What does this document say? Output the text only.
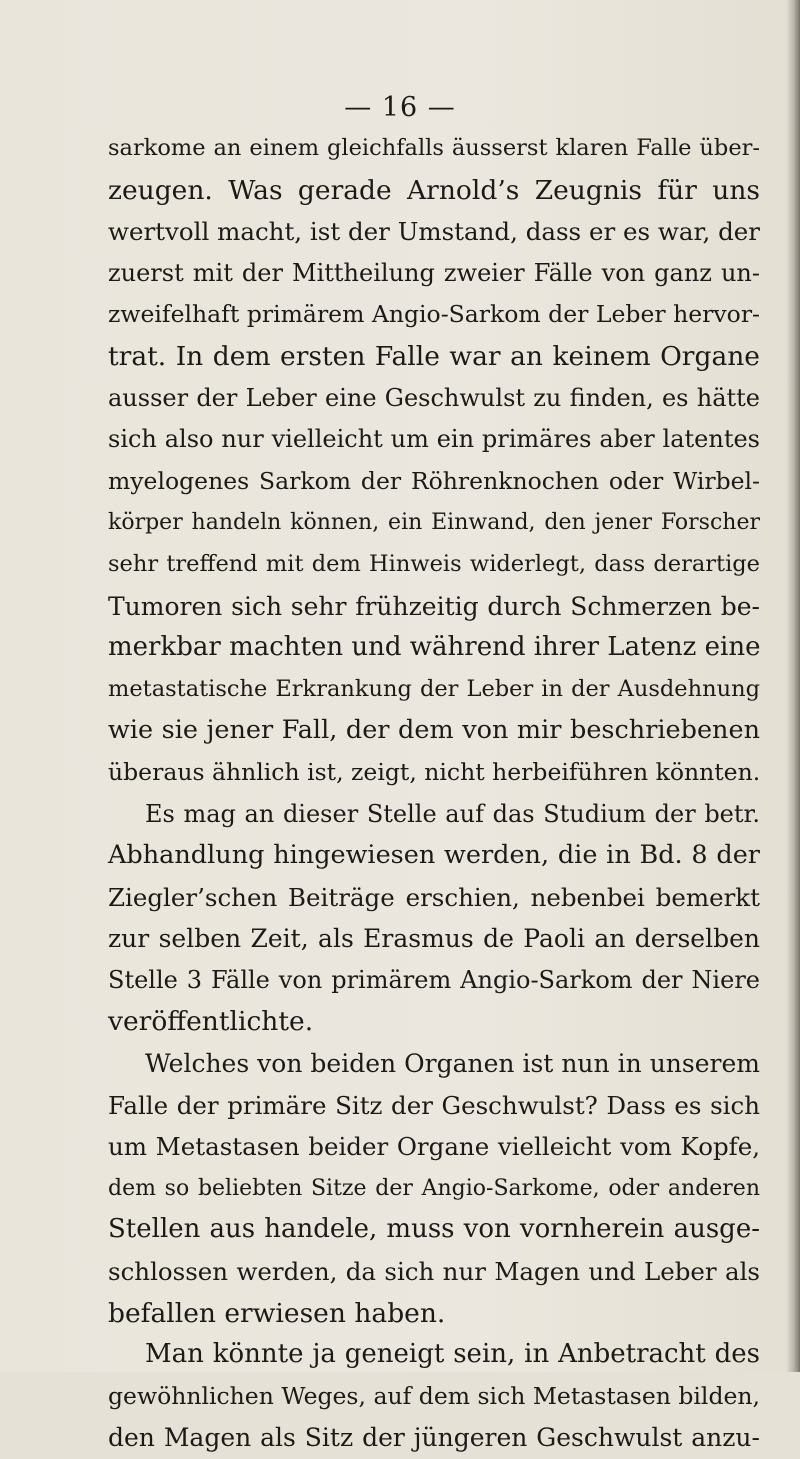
— 16 —
sarkome an einem gleichfalls äusserst klaren Falle über-
zeugen. Was gerade Arnold’s Zeugnis für uns
wertvoll macht, ist der Umstand, dass er es war, der
zuerst mit der Mittheilung zweier Fälle von ganz un-
zweifelhaft primärem Angio-Sarkom der Leber hervor-
trat. In dem ersten Falle war an keinem Organe
ausser der Leber eine Geschwulst zu finden, es hätte
sich also nur vielleicht um ein primäres aber latentes
myelogenes Sarkom der Röhrenknochen oder Wirbel-
körper handeln können, ein Einwand, den jener Forscher
sehr treffend mit dem Hinweis widerlegt, dass derartige
Tumoren sich sehr frühzeitig durch Schmerzen be-
merkbar machten und während ihrer Latenz eine
metastatische Erkrankung der Leber in der Ausdehnung
wie sie jener Fall, der dem von mir beschriebenen
überaus ähnlich ist, zeigt, nicht herbeiführen könnten.
Es mag an dieser Stelle auf das Studium der betr.
Abhandlung hingewiesen werden, die in Bd. 8 der
Ziegler’schen Beiträge erschien, nebenbei bemerkt
zur selben Zeit, als Erasmus de Paoli an derselben
Stelle 3 Fälle von primärem Angio-Sarkom der Niere
veröffentlichte.
Welches von beiden Organen ist nun in unserem
Falle der primäre Sitz der Geschwulst? Dass es sich
um Metastasen beider Organe vielleicht vom Kopfe,
dem so beliebten Sitze der Angio-Sarkome, oder anderen
Stellen aus handele, muss von vornherein ausge-
schlossen werden, da sich nur Magen und Leber als
befallen erwiesen haben.
Man könnte ja geneigt sein, in Anbetracht des
gewöhnlichen Weges, auf dem sich Metastasen bilden,
den Magen als Sitz der jüngeren Geschwulst anzu-
